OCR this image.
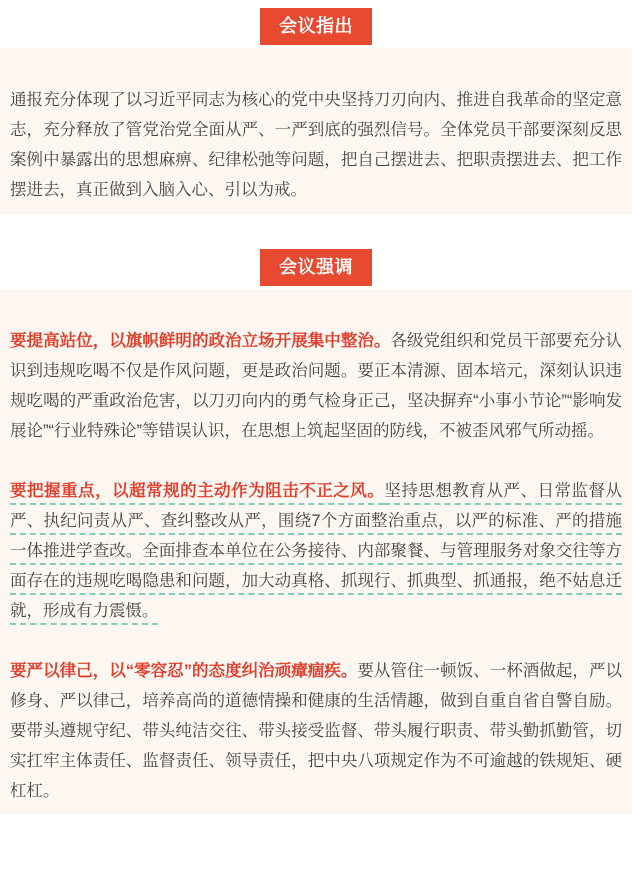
会议指出

通报充分体现了以习近平同志为核心的党中央坚持刀刃向内、推进自我革命的坚定意志，充分释放了管党治党全面从严、一严到底的强烈信号。全体党员干部要深刻反思案例中暴露出的思想麻痹、纪律松弛等问题，把自己摆进去、把职责摆进去、把工作摆进去，真正做到入脑入心、引以为戒。

会议强调

要提高站位，以旗帜鲜明的政治立场开展集中整治。各级党组织和党员干部要充分认识到违规吃喝不仅是作风问题，更是政治问题。要正本清源、固本培元，深刻认识违规吃喝的严重政治危害，以刀刃向内的勇气检身正己，坚决摒弃“小事小节论”“影响发展论”“行业特殊论”等错误认识，在思想上筑起坚固的防线，不被歪风邪气所动摇。

要把握重点，以超常规的主动作为阻击不正之风。坚持思想教育从严、日常监督从严、执纪问责从严、查纠整改从严，围绕7个方面整治重点，以严的标准、严的措施一体推进学查改。全面排查本单位在公务接待、内部聚餐、与管理服务对象交往等方面存在的违规吃喝隐患和问题，加大动真格、抓现行、抓典型、抓通报，绝不姑息迁就，形成有力震慑。

要严以律己，以“零容忍”的态度纠治顽瘴痼疾。要从管住一顿饭、一杯酒做起，严以修身、严以律己，培养高尚的道德情操和健康的生活情趣，做到自重自省自警自励。要带头遵规守纪、带头纯洁交往、带头接受监督、带头履行职责、带头勤抓勤管，切实扛牢主体责任、监督责任、领导责任，把中央八项规定作为不可逾越的铁规矩、硬杠杠。
